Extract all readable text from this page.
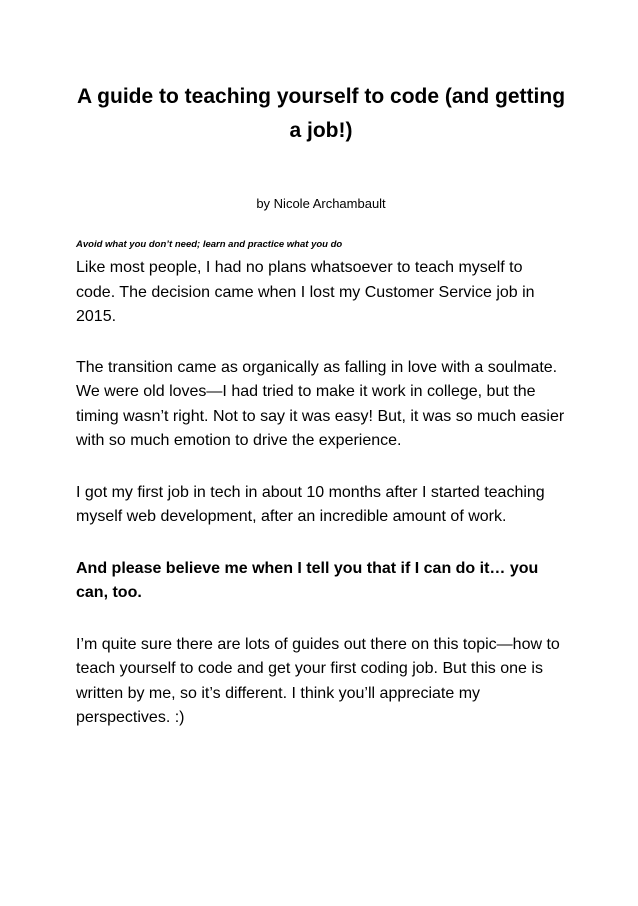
A guide to teaching yourself to code (and getting a job!)

by Nicole Archambault

Avoid what you don’t need; learn and practice what you do

Like most people, I had no plans whatsoever to teach myself to code. The decision came when I lost my Customer Service job in 2015.

The transition came as organically as falling in love with a soulmate. We were old loves—I had tried to make it work in college, but the timing wasn’t right. Not to say it was easy! But, it was so much easier with so much emotion to drive the experience.

I got my first job in tech in about 10 months after I started teaching myself web development, after an incredible amount of work.

And please believe me when I tell you that if I can do it… you can, too.

I’m quite sure there are lots of guides out there on this topic—how to teach yourself to code and get your first coding job. But this one is written by me, so it’s different. I think you’ll appreciate my perspectives. :)
